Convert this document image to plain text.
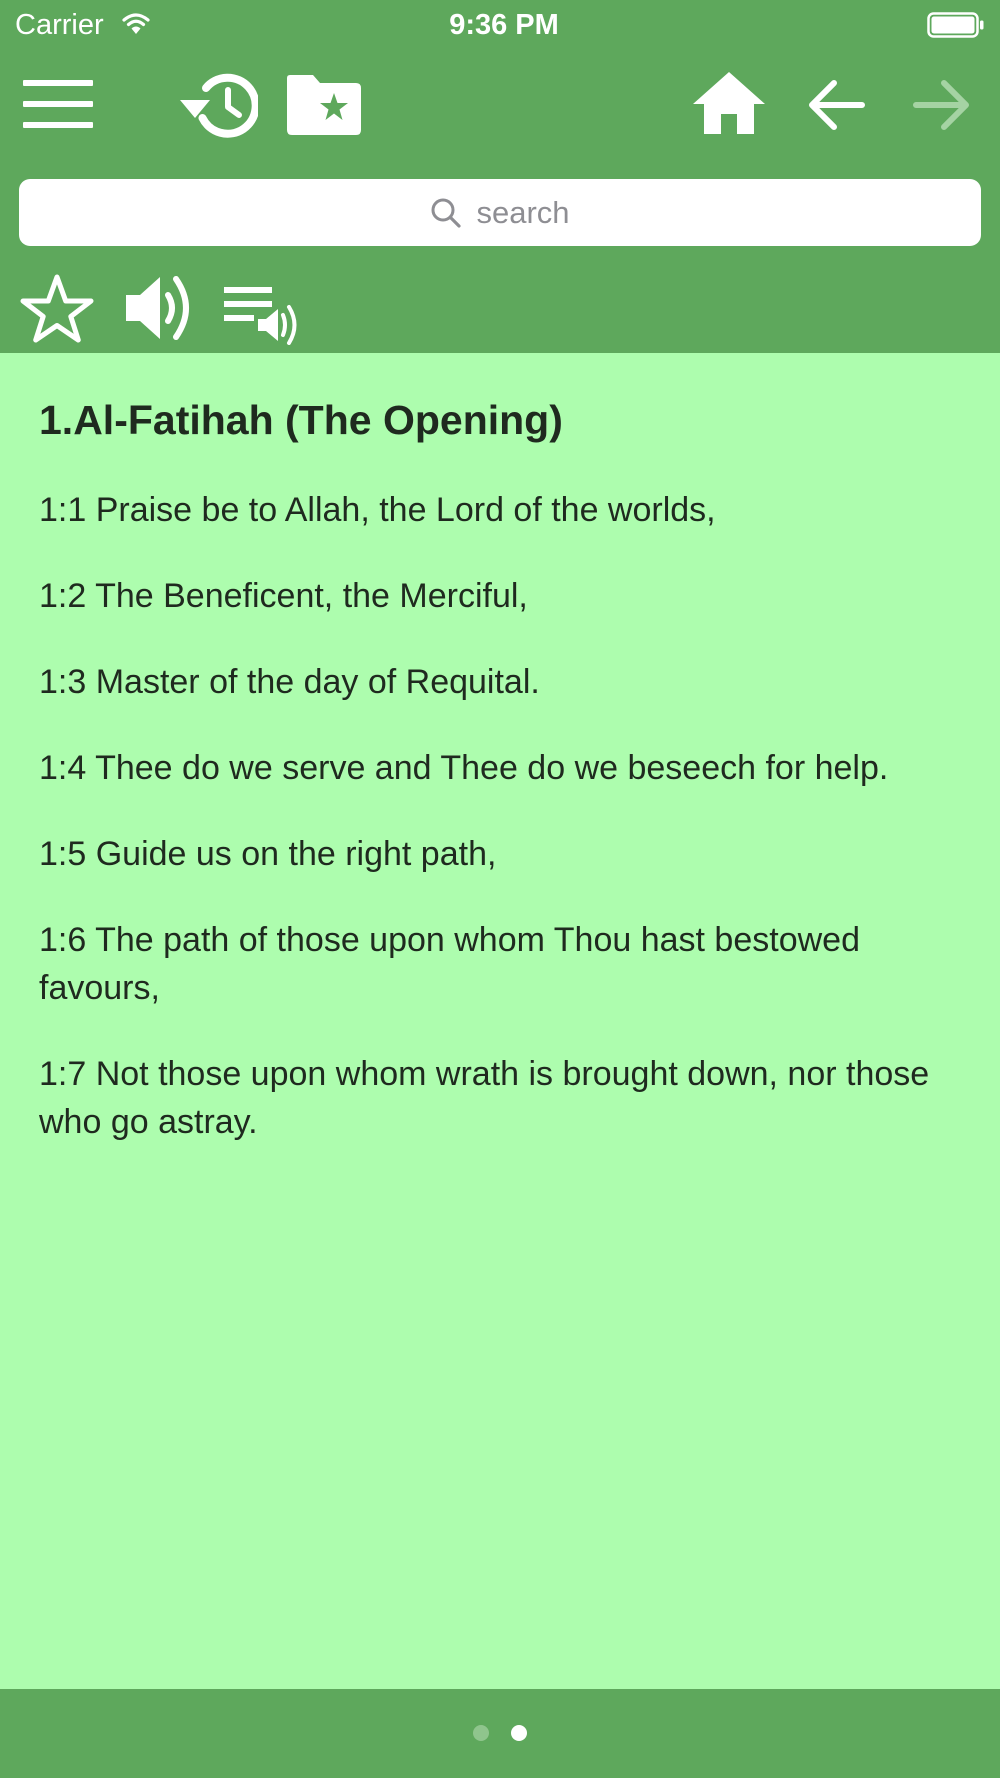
Carrier	9:36 PM
search
1.Al-Fatihah (The Opening)

1:1 Praise be to Allah, the Lord of the worlds,

1:2 The Beneficent, the Merciful,

1:3 Master of the day of Requital.

1:4 Thee do we serve and Thee do we beseech for help.

1:5 Guide us on the right path,

1:6 The path of those upon whom Thou hast bestowed favours,

1:7 Not those upon whom wrath is brought down, nor those who go astray.
